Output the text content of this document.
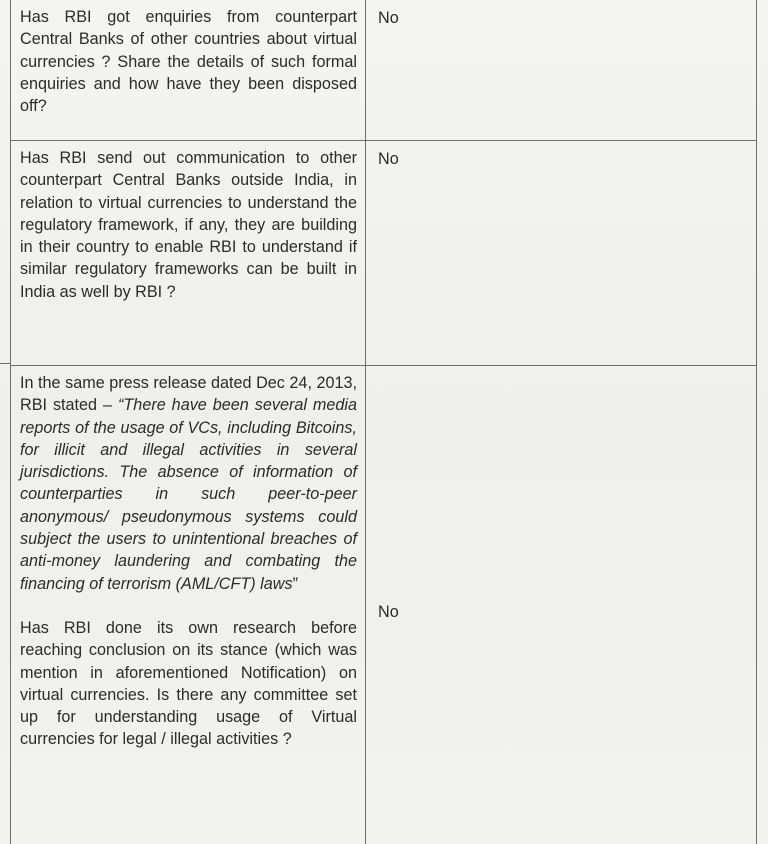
Has RBI got enquiries from counterpart Central Banks of other countries about virtual currencies ? Share the details of such formal enquiries and how have they been disposed off?	No

Has RBI send out communication to other counterpart Central Banks outside India, in relation to virtual currencies to understand the regulatory framework, if any, they are building in their country to enable RBI to understand if similar regulatory frameworks can be built in India as well by RBI ?	No

In the same press release dated Dec 24, 2013, RBI stated – “There have been several media reports of the usage of VCs, including Bitcoins, for illicit and illegal activities in several jurisdictions. The absence of information of counterparties in such peer-to-peer anonymous/ pseudonymous systems could subject the users to unintentional breaches of anti-money laundering and combating the financing of terrorism (AML/CFT) laws”

Has RBI done its own research before reaching conclusion on its stance (which was mention in aforementioned Notification) on virtual currencies. Is there any committee set up for understanding usage of Virtual currencies for legal / illegal activities ?	No
